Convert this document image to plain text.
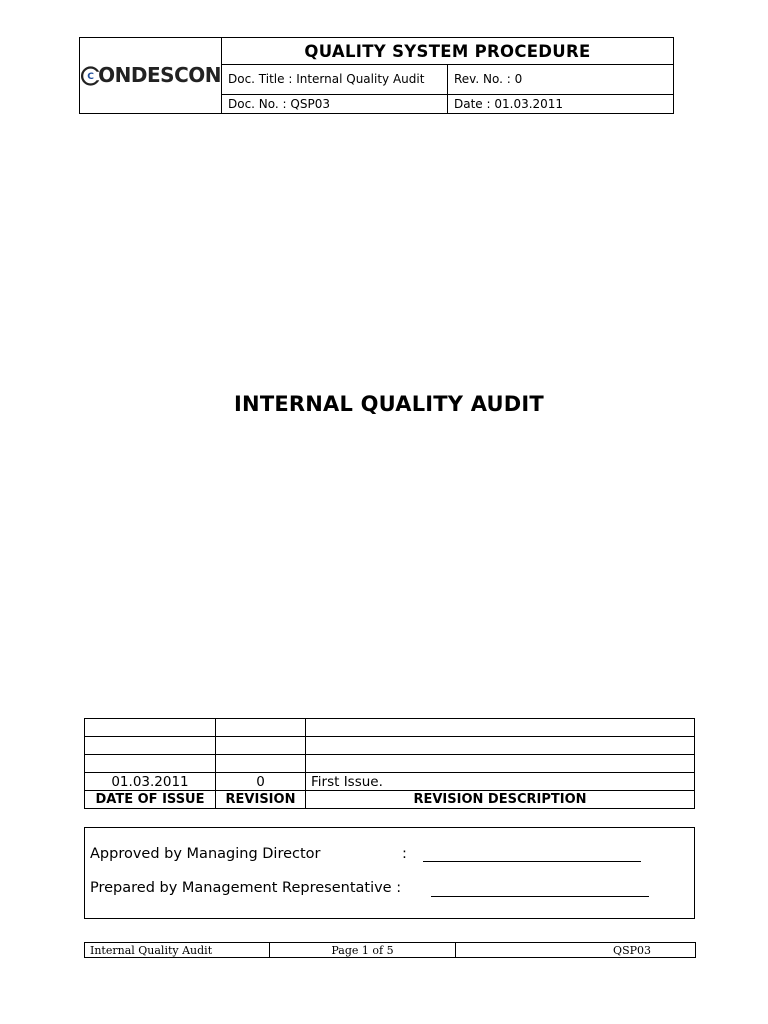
C ONDESCON	QUALITY SYSTEM PROCEDURE	
	Doc. Title : Internal Quality Audit	Rev. No. : 0
	Doc. No. : QSP03	Date : 01.03.2011
INTERNAL QUALITY AUDIT

01.03.2011	0	First Issue.
DATE OF ISSUE	REVISION	REVISION DESCRIPTION
Approved by Managing Director	:
Prepared by Management Representative :
Internal Quality Audit	Page 1 of 5	QSP03
